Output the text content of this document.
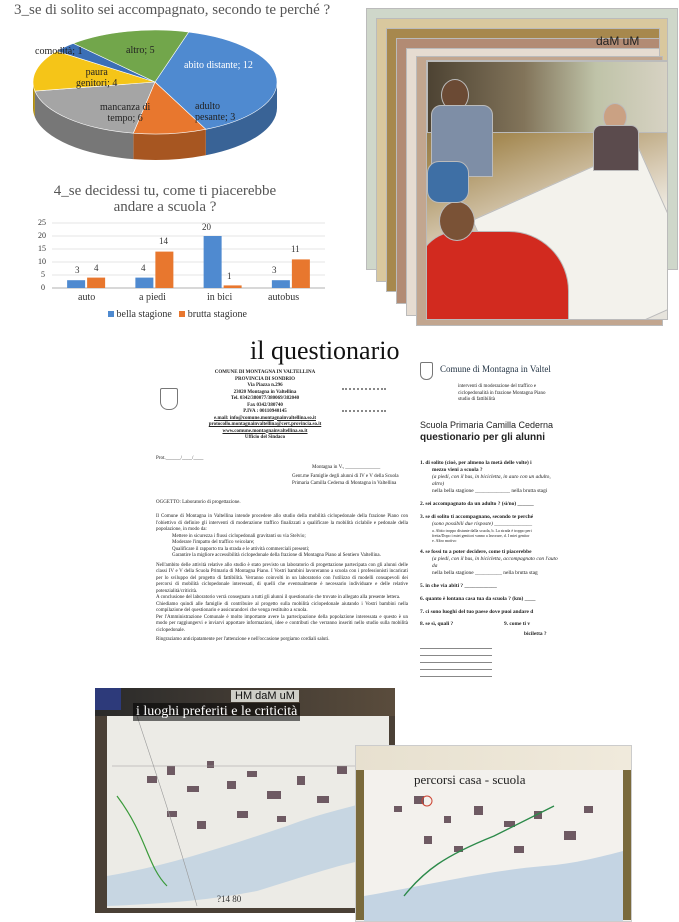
3_se di solito sei accompagnato, secondo te perché ?
abito distante; 12
adulto pesante; 3
mancanza di
tempo; 6
paura
genitori; 4
comodità; 1	altro; 5
4_se decidessi tu, come ti piacerebbe
andare a scuola ?
25
20
15
10
5
0
3 4	4
14
20
1
3
11
auto	a piedi	in bici	autobus
bella stagione brutta stagione
daM uM
il questionario
COMUNE DI MONTAGNA IN VALTELLINA
PROVINCIA DI SONDRIO
Via Piazza n.296
23020 Montagna in Valtellina
Tel. 0342/380077/380069/382040
Fax 0342/380740
P.IVA : 00110940145
e.mail: info@comune.montagnainvaltellina.so.it
protocollo.montagnainvaltellina@cert.provincia.so.it
www.comune.montagnainvaltellina.so.it
Ufficio del Sindaco
Prot.______/____/____
Montagna in V., ______________
Gent.me Famiglie degli alunni di IV e V della Scuola Primaria Camilla Cederna di Montagna in Valtellina
OGGETTO: Laboratorio di progettazione.
Il Comune di Montagna in Valtellina intende procedere allo studio della mobilità ciclopedonale della frazione Piano con l'obiettivo di definire gli interventi di moderazione traffico finalizzati a qualificare la mobilità ciclabile e pedonale della popolazione, in modo da:
Mettere in sicurezza i flussi ciclopedonali gravitanti su via Stelvio;
Moderare l'impatto del traffico veicolare;
Qualificare il rapporto tra la strada e le attività commerciali presenti;
Garantire la migliore accessibilità ciclopedonale della frazione di Montagna Piano al Sentiero Valtellina.
Nell'ambito delle attività relative allo studio è stato previsto un laboratorio di progettazione partecipata con gli alunni delle classi IV e V della Scuola Primaria di Montagna Piano. I Vostri bambini lavoreranno a scuola con i professionisti incaricati per lo sviluppo del progetto di fattibilità. Verranno coinvolti in un laboratorio con l'utilizzo di modelli consapevoli dei percorsi di mobilità ciclopedonale interessati, di quelli che eventualmente è necessario individuare e delle relative potenzialità/criticità.
A conclusione del laboratorio verrà consegnato a tutti gli alunni il questionario che trovate in allegato alla presente lettera.
Chiediamo quindi alle famiglie di contribuire al progetto sulla mobilità ciclopedonale aiutando i Vostri bambini nella compilazione del questionario e assicurandovi che venga restituito a scuola.
Per l'Amministrazione Comunale è molto importante avere la partecipazione della popolazione interessata e questo è un modo per raggiungervi e inviarvi apportare informazioni, idee e contributi che verranno inseriti nello studio sulla mobilità ciclopedonale.
Ringraziamo anticipatamente per l'attenzione e nell'occasione porgiamo cordiali saluti.
Comune di Montagna in Valtel
interventi di moderazione del traffico e
ciclopedonalità in frazione Montagna Piano
studio di fattibilità
Scuola Primaria Camilla Cederna
questionario per gli alunni
1. di solito (cioè, per almeno la metà delle volte) i
mezzo vieni a scuola ?
(a piedi, con il bus, in bicicletta, in auto con un adulto, altro)
nella bella stagione _____________ nella brutta stagi
2. sei accompagnato da un adulto ? (sì/no) ______
3. se di solito ti accompagnano, secondo te perché
(sono possibili due risposte) ______________
a. Abito troppo distante dalla scuola, b. La strada è troppo peri
fretta/Dopo i miei genitori vanno a lavorare, d. I miei genitor
e. Altro motivo
4. se fossi tu a poter decidere, come ti piacerebbe
(a piedi, con il bus, in bicicletta, accompagnato con l'auto da
nella bella stagione __________ nella brutta stag
5. in che via abiti ? ____________
6. quanto è lontana casa tua da scuola ? (km) ____
7. ci sono luoghi del tuo paese dove puoi andare d
8. se sì, quali ?	9. come ti v
biciletta ?
HM daM uM
i luoghi preferiti e le criticità
?14 80
percorsi casa - scuola
